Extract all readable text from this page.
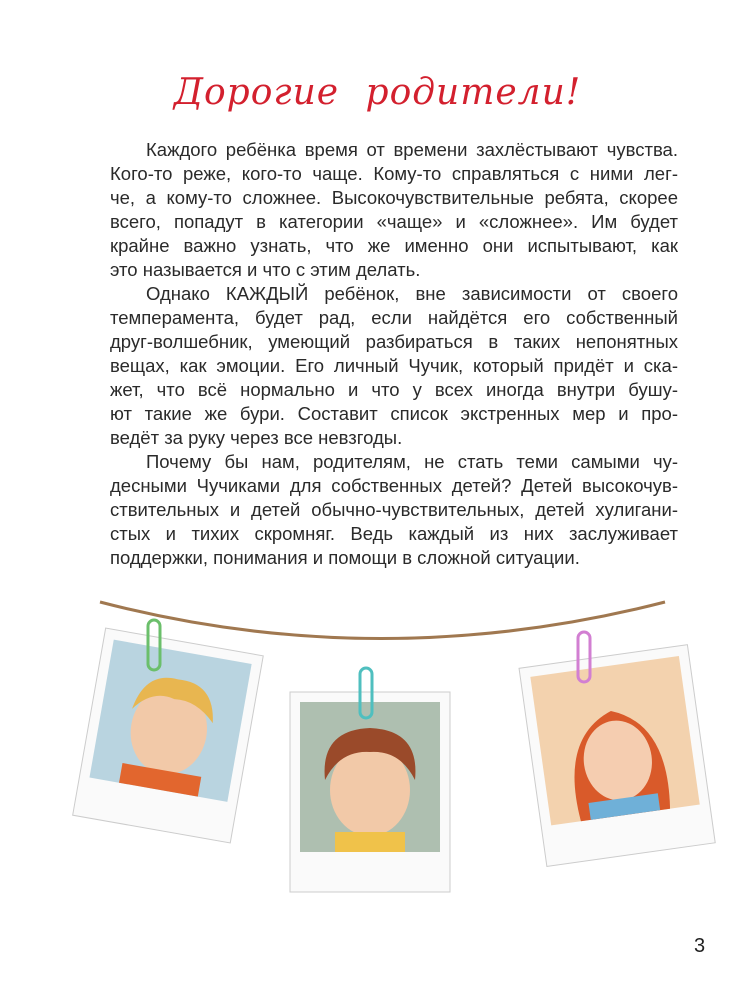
Дорогие родители!
Каждого ребёнка время от времени захлёстывают чувства.
Кого-то реже, кого-то чаще. Кому-то справляться с ними лег-
че, а кому-то сложнее. Высокочувствительные ребята, скорее
всего, попадут в категории «чаще» и «сложнее». Им будет
крайне важно узнать, что же именно они испытывают, как
это называется и что с этим делать.
Однако КАЖДЫЙ ребёнок, вне зависимости от своего
темперамента, будет рад, если найдётся его собственный
друг-волшебник, умеющий разбираться в таких непонятных
вещах, как эмоции. Его личный Чучик, который придёт и ска-
жет, что всё нормально и что у всех иногда внутри бушу-
ют такие же бури. Составит список экстренных мер и про-
ведёт за руку через все невзгоды.
Почему бы нам, родителям, не стать теми самыми чу-
десными Чучиками для собственных детей? Детей высокочув-
ствительных и детей обычно-чувствительных, детей хулигани-
стых и тихих скромняг. Ведь каждый из них заслуживает
поддержки, понимания и помощи в сложной ситуации.
3
